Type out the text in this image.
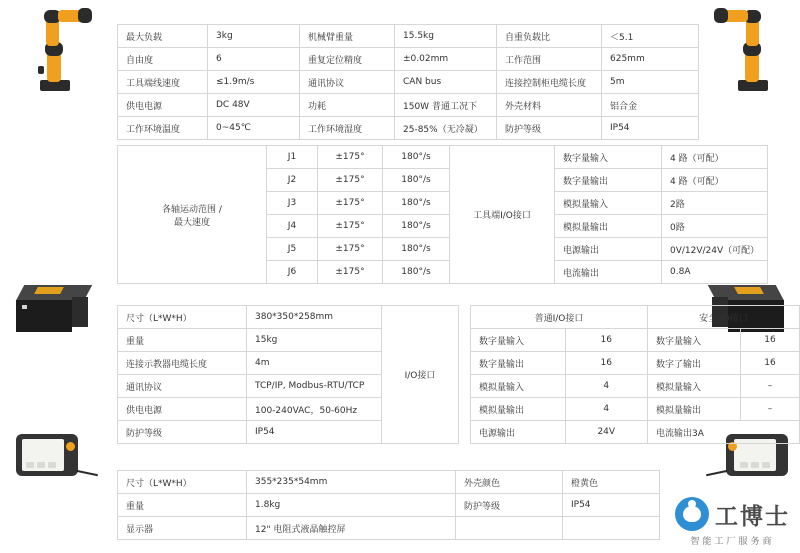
最大负载	3kg	机械臂重量	15.5kg	自重负载比	＜5.1
自由度	6	重复定位精度	±0.02mm	工作范围	625mm
工具端线速度	≤1.9m/s	通讯协议	CAN bus	连接控制柜电缆长度	5m
供电电源	DC 48V	功耗	150W 普通工况下	外壳材料	铝合金
工作环境温度	0~45℃	工作环境湿度	25-85%（无冷凝）	防护等级	IP54
各轴运动范围 /
最大速度	J1	±175°	180°/s	工具端I/O接口	数字量输入	4 路（可配）
	J2	±175°	180°/s		数字量输出	4 路（可配）
	J3	±175°	180°/s		模拟量输入	2路
	J4	±175°	180°/s		模拟量输出	0路
	J5	±175°	180°/s		电源输出	0V/12V/24V（可配）
	J6	±175°	180°/s		电流输出	0.8A
尺寸（L*W*H）	380*350*258mm	I/O接口
重量	15kg	
连接示教器电缆长度	4m	
通讯协议	TCP/IP, Modbus-RTU/TCP	
供电电源	100-240VAC，50-60Hz	
防护等级	IP54	
普通I/O接口		安全I/O接口	
数字量输入	16	数字量输入	16
数字量输出	16	数字了输出	16
模拟量输入	4	模拟量输入	–
模拟量输出	4	模拟量输出	–
电源输出	24V	电流输出3A	
尺寸（L*W*H）	355*235*54mm	外壳颜色	橙黄色
重量	1.8kg	防护等级	IP54
显示器	12" 电阻式液晶触控屏			工博士
智能工厂服务商
